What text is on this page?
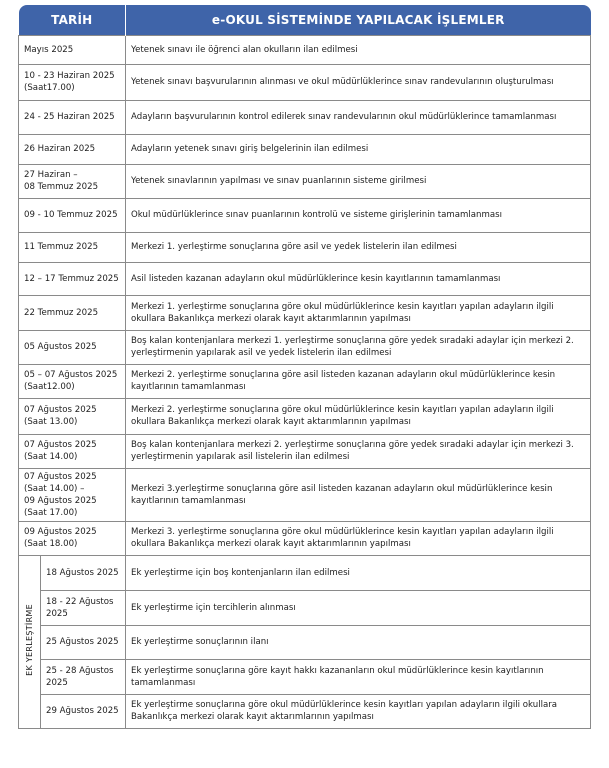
TARİH		e-OKUL SİSTEMİNDE YAPILACAK İŞLEMLER

Mayıs 2025		Yetenek sınavı ile öğrenci alan okulların ilan edilmesi

10 - 23 Haziran 2025
(Saat17.00)		Yetenek sınavı başvurularının alınması ve okul müdürlüklerince sınav randevularının oluşturulması

24 - 25 Haziran 2025		Adayların başvurularının kontrol edilerek sınav randevularının okul müdürlüklerince tamamlanması

26 Haziran 2025		Adayların yetenek sınavı giriş belgelerinin ilan edilmesi

27 Haziran –
08 Temmuz 2025		Yetenek sınavlarının yapılması ve sınav puanlarının sisteme girilmesi

09 - 10 Temmuz 2025		Okul müdürlüklerince sınav puanlarının kontrolü ve sisteme girişlerinin tamamlanması

11 Temmuz 2025		Merkezi 1. yerleştirme sonuçlarına göre asil ve yedek listelerin ilan edilmesi

12 – 17 Temmuz 2025		Asil listeden kazanan adayların okul müdürlüklerince kesin kayıtlarının tamamlanması

22 Temmuz 2025		Merkezi 1. yerleştirme sonuçlarına göre okul müdürlüklerince kesin kayıtları yapılan adayların ilgili okullara Bakanlıkça merkezi olarak kayıt aktarımlarının yapılması

05 Ağustos 2025		Boş kalan kontenjanlara merkezi 1. yerleştirme sonuçlarına göre yedek sıradaki adaylar için merkezi 2. yerleştirmenin yapılarak asil ve yedek listelerin ilan edilmesi

05 – 07 Ağustos 2025
(Saat12.00)		Merkezi 2. yerleştirme sonuçlarına göre asil listeden kazanan adayların okul müdürlüklerince kesin kayıtlarının tamamlanması

07 Ağustos 2025
(Saat 13.00)		Merkezi 2. yerleştirme sonuçlarına göre okul müdürlüklerince kesin kayıtları yapılan adayların ilgili okullara Bakanlıkça merkezi olarak kayıt aktarımlarının yapılması

07 Ağustos 2025
(Saat 14.00)		Boş kalan kontenjanlara merkezi 2. yerleştirme sonuçlarına göre yedek sıradaki adaylar için merkezi 3. yerleştirmenin yapılarak asil listelerin ilan edilmesi

07 Ağustos 2025
(Saat 14.00) –
09 Ağustos 2025
(Saat 17.00)		Merkezi 3.yerleştirme sonuçlarına göre asil listeden kazanan adayların okul müdürlüklerince kesin kayıtlarının tamamlanması

09 Ağustos 2025
(Saat 18.00)		Merkezi 3. yerleştirme sonuçlarına göre okul müdürlüklerince kesin kayıtları yapılan adayların ilgili okullara Bakanlıkça merkezi olarak kayıt aktarımlarının yapılması
EK YERLEŞTİRME	18 Ağustos 2025	Ek yerleştirme için boş kontenjanların ilan edilmesi

	18 - 22 Ağustos
2025	Ek yerleştirme için tercihlerin alınması

	25 Ağustos 2025	Ek yerleştirme sonuçlarının ilanı

	25 - 28 Ağustos
2025	Ek yerleştirme sonuçlarına göre kayıt hakkı kazananların okul müdürlüklerince kesin kayıtlarının tamamlanması

	29 Ağustos 2025	Ek yerleştirme sonuçlarına göre okul müdürlüklerince kesin kayıtları yapılan adayların ilgili okullara Bakanlıkça merkezi olarak kayıt aktarımlarının yapılması
